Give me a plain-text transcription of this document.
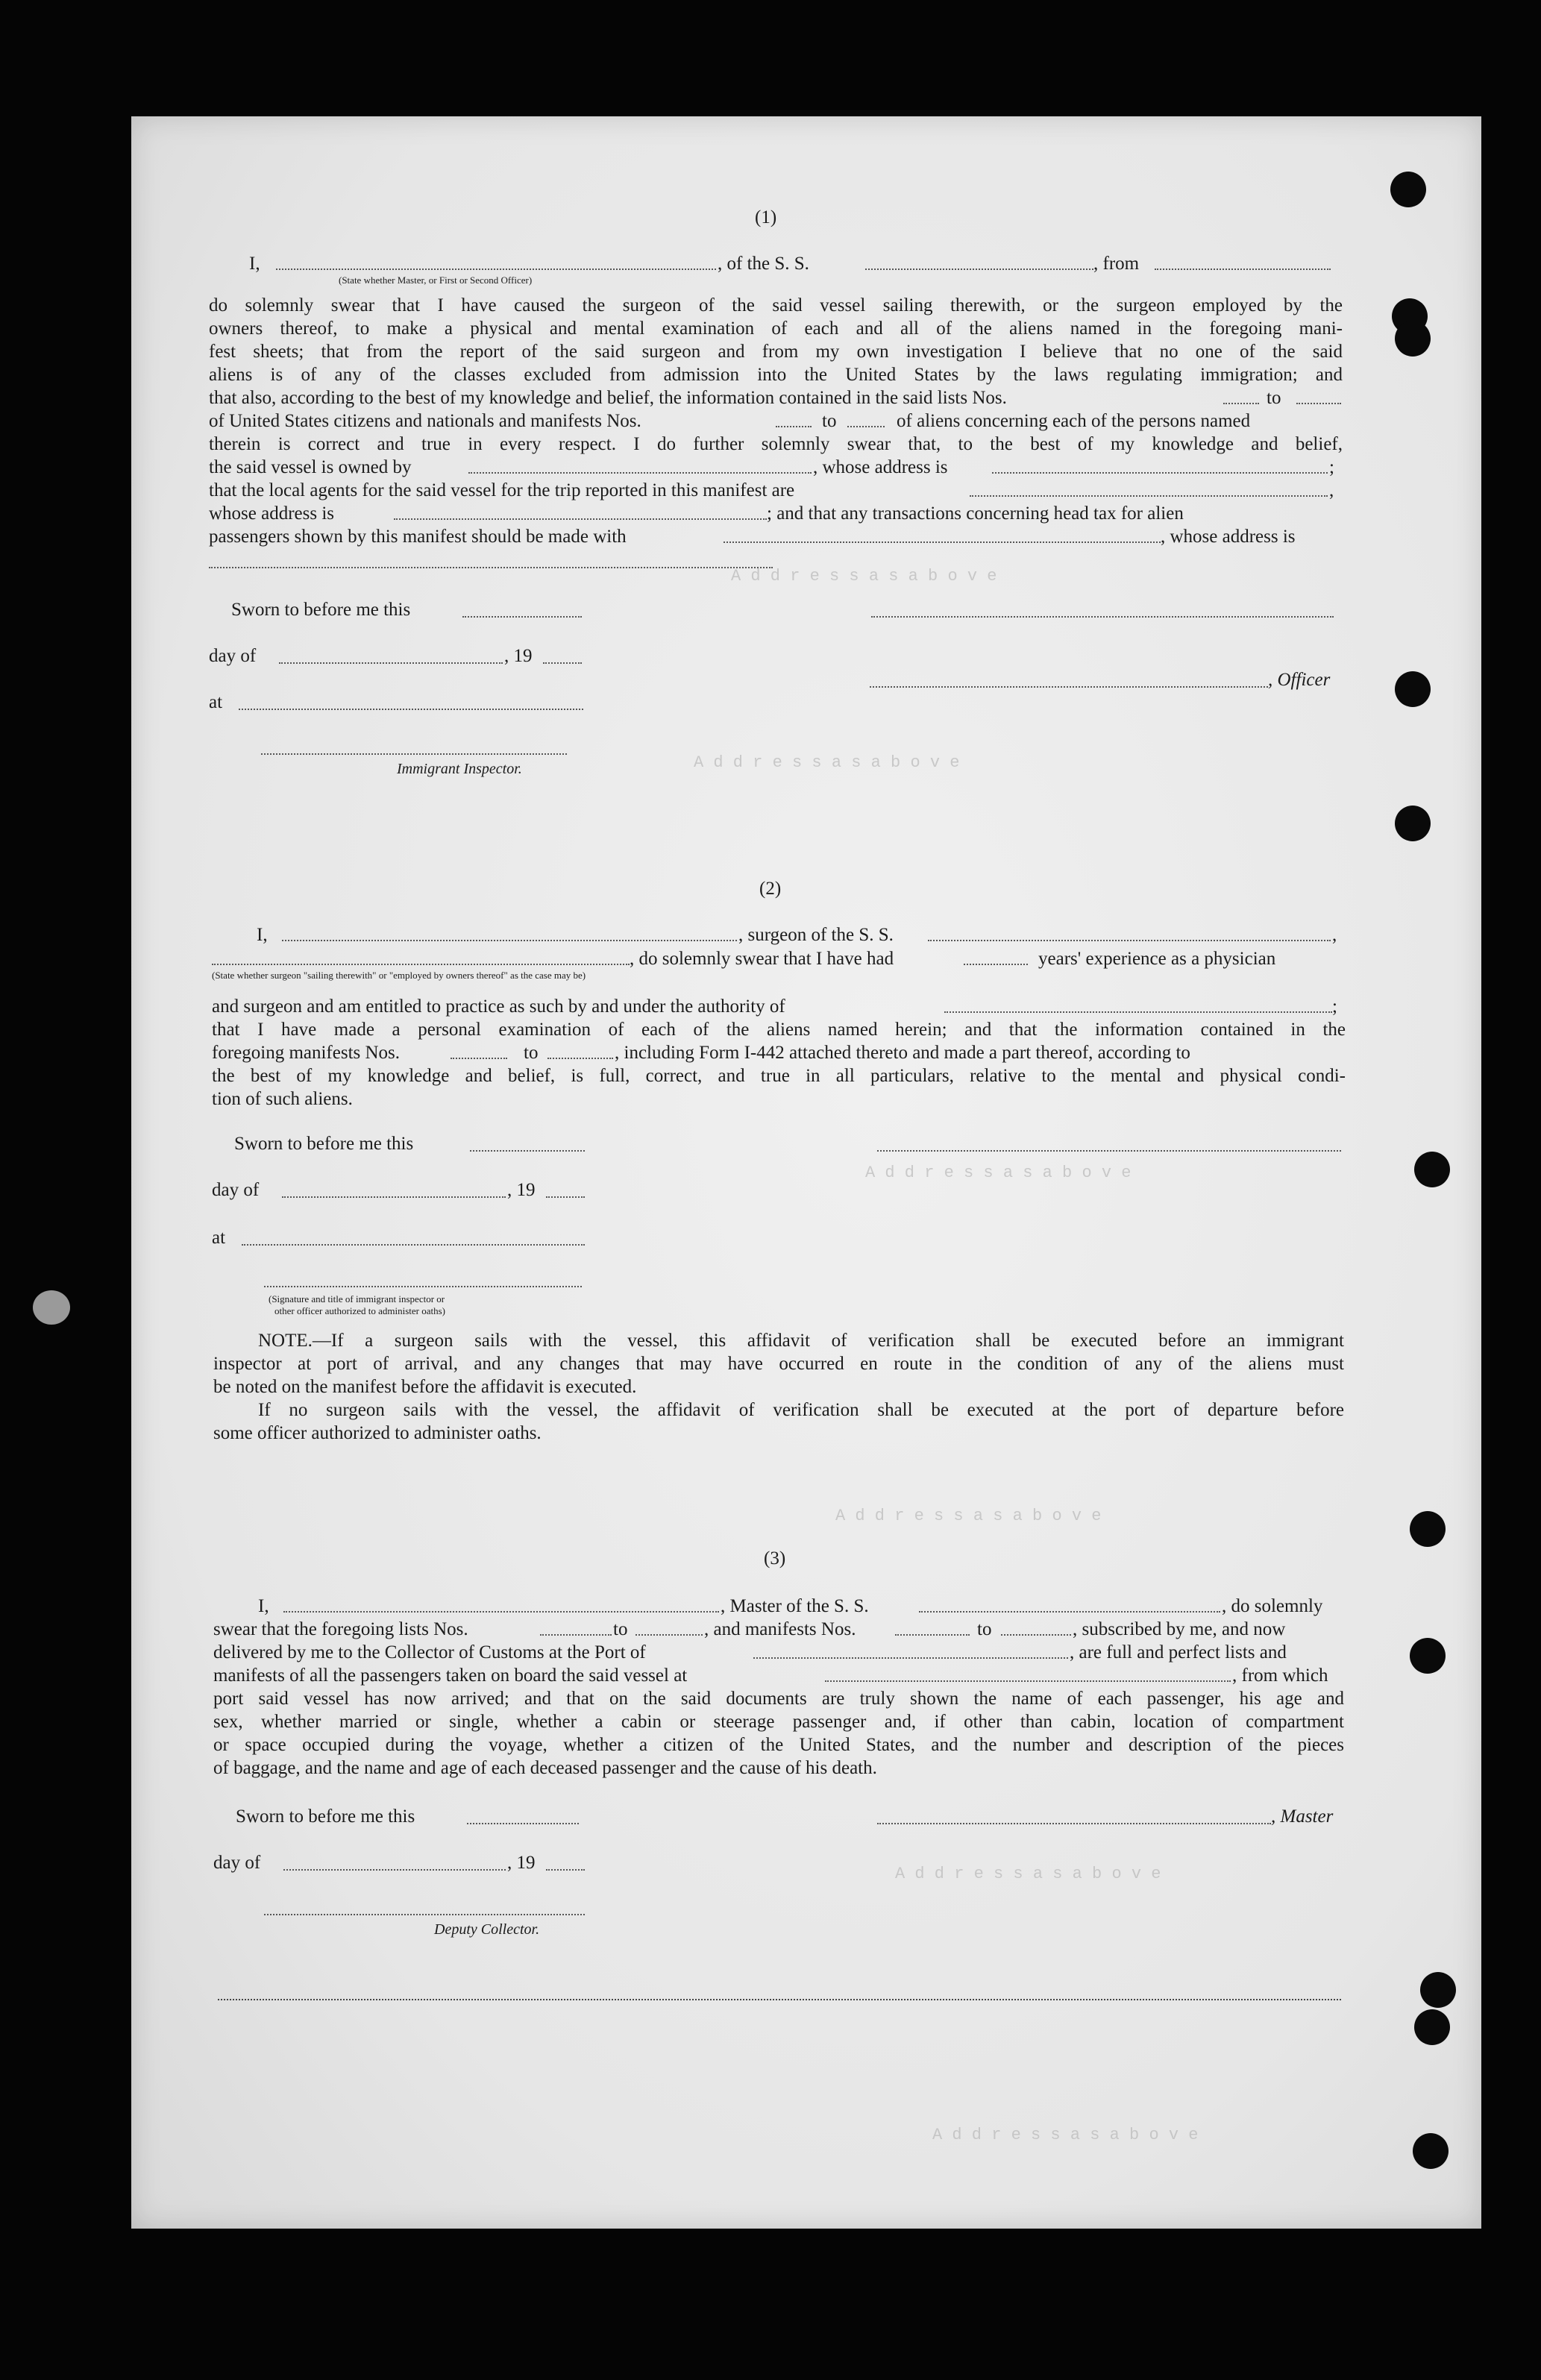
A d d r e s s a s a b o v e
A d d r e s s a s a b o v e
A d d r e s s a s a b o v e
A d d r e s s a s a b o v e
A d d r e s s a s a b o v e
A d d r e s s a s a b o v e
(1)
I,	, of the S. S.	, from
(State whether Master, or First or Second Officer)
do solemnly swear that I have caused the surgeon of the said vessel sailing therewith, or the surgeon employed by the
owners thereof, to make a physical and mental examination of each and all of the aliens named in the foregoing mani-
fest sheets; that from the report of the said surgeon and from my own investigation I believe that no one of the said
aliens is of any of the classes excluded from admission into the United States by the laws regulating immigration; and
that also, according to the best of my knowledge and belief, the information contained in the said lists Nos.	to
of United States citizens and nationals and manifests Nos.	to	of aliens concerning each of the persons named
therein is correct and true in every respect. I do further solemnly swear that, to the best of my knowledge and belief,
the said vessel is owned by	, whose address is	;
that the local agents for the said vessel for the trip reported in this manifest are	,
whose address is	; and that any transactions concerning head tax for alien
passengers shown by this manifest should be made with	, whose address is
Sworn to before me this
day of	, 19
, Officer
at
Immigrant Inspector.
(2)
I,	, surgeon of the S. S.	,
, do solemnly swear that I have had	years' experience as a physician
(State whether surgeon "sailing therewith" or "employed by owners thereof" as the case may be)
and surgeon and am entitled to practice as such by and under the authority of	;
that I have made a personal examination of each of the aliens named herein; and that the information contained in the
foregoing manifests Nos.	to	, including Form I-442 attached thereto and made a part thereof, according to
the best of my knowledge and belief, is full, correct, and true in all particulars, relative to the mental and physical condi-
tion of such aliens.
Sworn to before me this
day of	, 19
at
(Signature and title of immigrant inspector or
other officer authorized to administer oaths)
NOTE.—If a surgeon sails with the vessel, this affidavit of verification shall be executed before an immigrant
inspector at port of arrival, and any changes that may have occurred en route in the condition of any of the aliens must
be noted on the manifest before the affidavit is executed.
If no surgeon sails with the vessel, the affidavit of verification shall be executed at the port of departure before
some officer authorized to administer oaths.
(3)
I,	, Master of the S. S.	, do solemnly
swear that the foregoing lists Nos.	to	, and manifests Nos.	to	, subscribed by me, and now
delivered by me to the Collector of Customs at the Port of	, are full and perfect lists and
manifests of all the passengers taken on board the said vessel at	, from which
port said vessel has now arrived; and that on the said documents are truly shown the name of each passenger, his age and
sex, whether married or single, whether a cabin or steerage passenger and, if other than cabin, location of compartment
or space occupied during the voyage, whether a citizen of the United States, and the number and description of the pieces
of baggage, and the name and age of each deceased passenger and the cause of his death.
Sworn to before me this	, Master
day of	, 19
Deputy Collector.
